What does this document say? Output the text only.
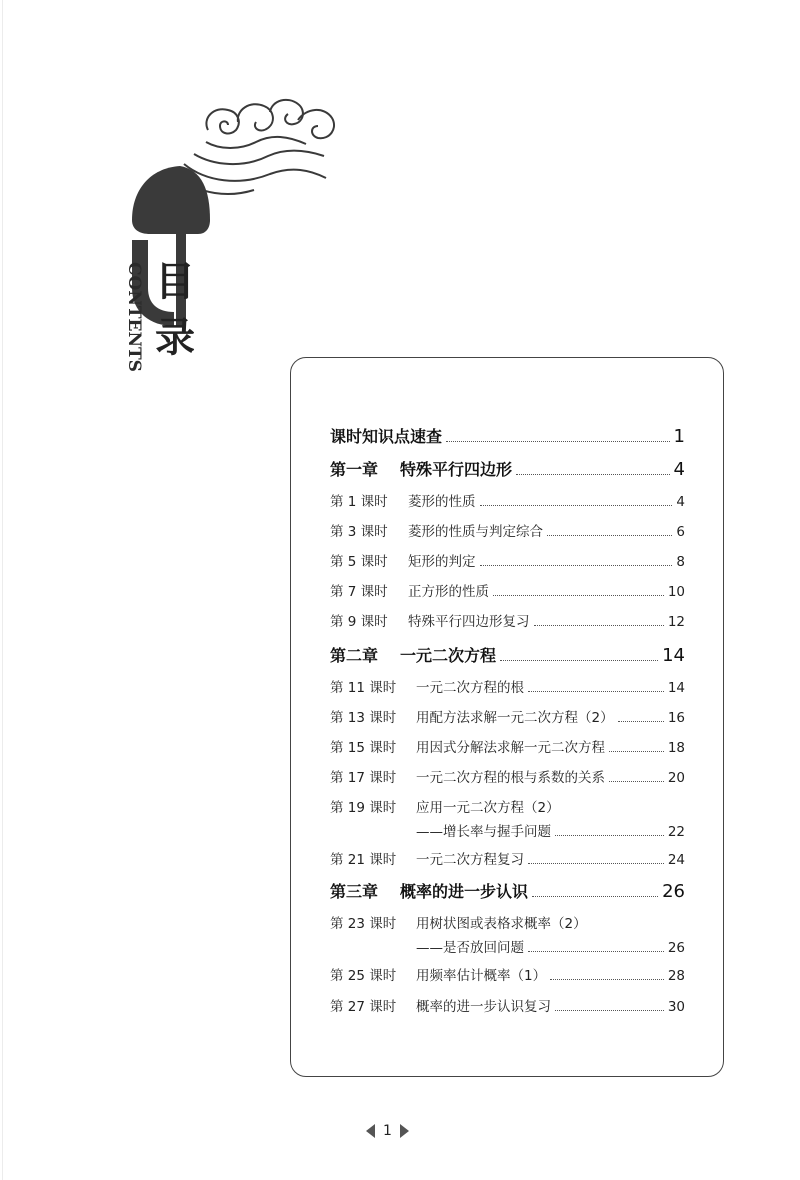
CONTENTS 目
录
课时知识点速查	1
第一章	特殊平行四边形	4
第 1 课时	菱形的性质	4
第 3 课时	菱形的性质与判定综合	6
第 5 课时	矩形的判定	8
第 7 课时	正方形的性质	10
第 9 课时	特殊平行四边形复习	12
第二章	一元二次方程	14
第 11 课时	一元二次方程的根	14
第 13 课时	用配方法求解一元二次方程（2）	16
第 15 课时	用因式分解法求解一元二次方程	18
第 17 课时	一元二次方程的根与系数的关系	20
第 19 课时 应用一元二次方程（2）
——增长率与握手问题	22
第 21 课时	一元二次方程复习	24
第三章	概率的进一步认识	26
第 23 课时 用树状图或表格求概率（2）
——是否放回问题	26
第 25 课时	用频率估计概率（1）	28
第 27 课时	概率的进一步认识复习	30
1
